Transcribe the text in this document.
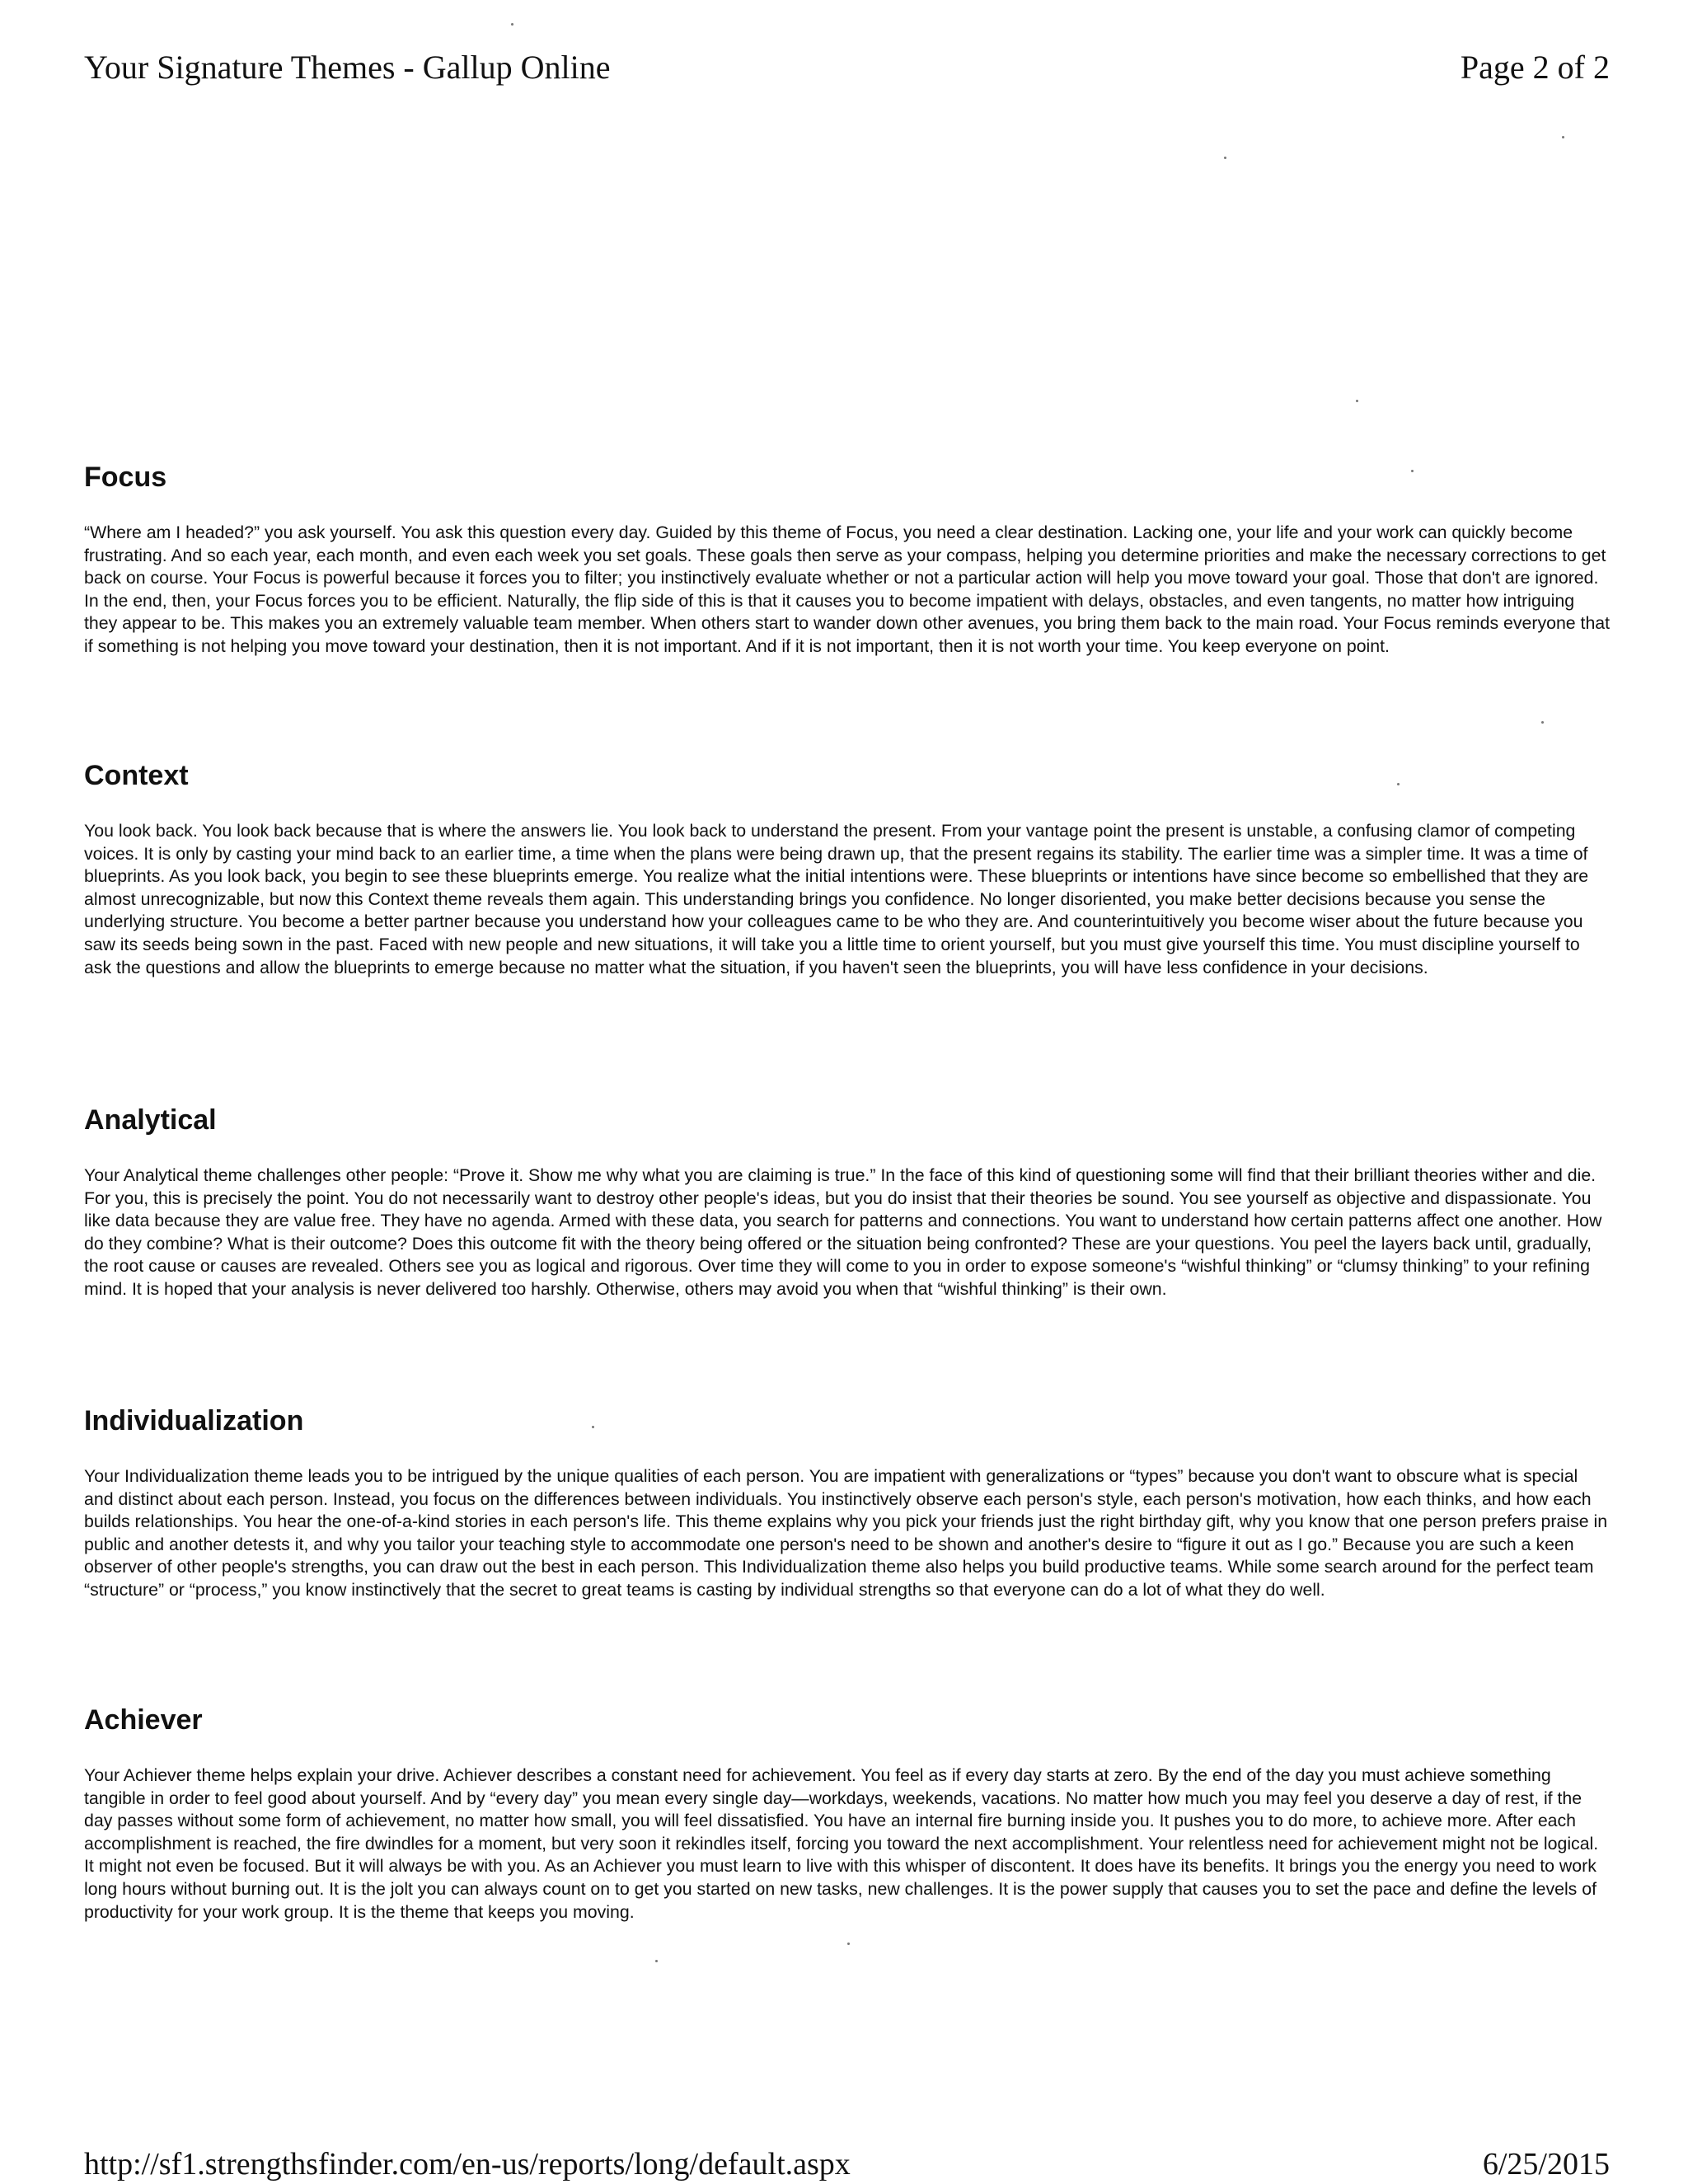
Your Signature Themes - Gallup Online	Page 2 of 2
Focus

“Where am I headed?” you ask yourself. You ask this question every day. Guided by this theme of Focus, you need a clear destination. Lacking one, your life and your work can quickly become frustrating. And so each year, each month, and even each week you set goals. These goals then serve as your compass, helping you determine priorities and make the necessary corrections to get back on course. Your Focus is powerful because it forces you to filter; you instinctively evaluate whether or not a particular action will help you move toward your goal. Those that don't are ignored. In the end, then, your Focus forces you to be efficient. Naturally, the flip side of this is that it causes you to become impatient with delays, obstacles, and even tangents, no matter how intriguing they appear to be. This makes you an extremely valuable team member. When others start to wander down other avenues, you bring them back to the main road. Your Focus reminds everyone that if something is not helping you move toward your destination, then it is not important. And if it is not important, then it is not worth your time. You keep everyone on point.

Context

You look back. You look back because that is where the answers lie. You look back to understand the present. From your vantage point the present is unstable, a confusing clamor of competing voices. It is only by casting your mind back to an earlier time, a time when the plans were being drawn up, that the present regains its stability. The earlier time was a simpler time. It was a time of blueprints. As you look back, you begin to see these blueprints emerge. You realize what the initial intentions were. These blueprints or intentions have since become so embellished that they are almost unrecognizable, but now this Context theme reveals them again. This understanding brings you confidence. No longer disoriented, you make better decisions because you sense the underlying structure. You become a better partner because you understand how your colleagues came to be who they are. And counterintuitively you become wiser about the future because you saw its seeds being sown in the past. Faced with new people and new situations, it will take you a little time to orient yourself, but you must give yourself this time. You must discipline yourself to ask the questions and allow the blueprints to emerge because no matter what the situation, if you haven't seen the blueprints, you will have less confidence in your decisions.

Analytical

Your Analytical theme challenges other people: “Prove it. Show me why what you are claiming is true.” In the face of this kind of questioning some will find that their brilliant theories wither and die. For you, this is precisely the point. You do not necessarily want to destroy other people's ideas, but you do insist that their theories be sound. You see yourself as objective and dispassionate. You like data because they are value free. They have no agenda. Armed with these data, you search for patterns and connections. You want to understand how certain patterns affect one another. How do they combine? What is their outcome? Does this outcome fit with the theory being offered or the situation being confronted? These are your questions. You peel the layers back until, gradually, the root cause or causes are revealed. Others see you as logical and rigorous. Over time they will come to you in order to expose someone's “wishful thinking” or “clumsy thinking” to your refining mind. It is hoped that your analysis is never delivered too harshly. Otherwise, others may avoid you when that “wishful thinking” is their own.

Individualization

Your Individualization theme leads you to be intrigued by the unique qualities of each person. You are impatient with generalizations or “types” because you don't want to obscure what is special and distinct about each person. Instead, you focus on the differences between individuals. You instinctively observe each person's style, each person's motivation, how each thinks, and how each builds relationships. You hear the one-of-a-kind stories in each person's life. This theme explains why you pick your friends just the right birthday gift, why you know that one person prefers praise in public and another detests it, and why you tailor your teaching style to accommodate one person's need to be shown and another's desire to “figure it out as I go.” Because you are such a keen observer of other people's strengths, you can draw out the best in each person. This Individualization theme also helps you build productive teams. While some search around for the perfect team “structure” or “process,” you know instinctively that the secret to great teams is casting by individual strengths so that everyone can do a lot of what they do well.

Achiever

Your Achiever theme helps explain your drive. Achiever describes a constant need for achievement. You feel as if every day starts at zero. By the end of the day you must achieve something tangible in order to feel good about yourself. And by “every day” you mean every single day—workdays, weekends, vacations. No matter how much you may feel you deserve a day of rest, if the day passes without some form of achievement, no matter how small, you will feel dissatisfied. You have an internal fire burning inside you. It pushes you to do more, to achieve more. After each accomplishment is reached, the fire dwindles for a moment, but very soon it rekindles itself, forcing you toward the next accomplishment. Your relentless need for achievement might not be logical. It might not even be focused. But it will always be with you. As an Achiever you must learn to live with this whisper of discontent. It does have its benefits. It brings you the energy you need to work long hours without burning out. It is the jolt you can always count on to get you started on new tasks, new challenges. It is the power supply that causes you to set the pace and define the levels of productivity for your work group. It is the theme that keeps you moving.

http://sf1.strengthsfinder.com/en-us/reports/long/default.aspx	6/25/2015
